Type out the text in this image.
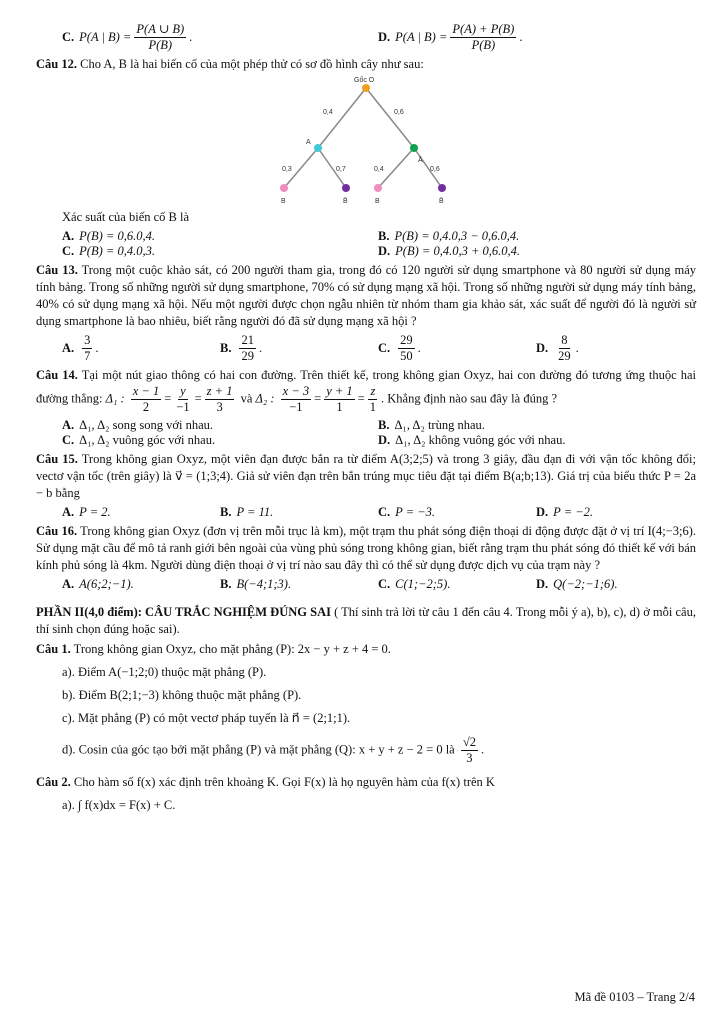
C. P(A | $B) = \frac{P(A \cup B)}{P(B)}$ .	D. P(A | $B) = \frac{P(A) + P(B)}{P(B)}$ .
Câu 12. Cho A, B là hai biến cố của một phép thử có sơ đồ hình cây như sau:
Gốc O
0,4	0,6
A
Ā
0,3	0,7	0,4	0,6
B	B̄	B	B̄
Xác suất của biến cố B là
A. P(B) = 0,6.0,4.	B. P(B) = 0,4.0,3 − 0,6.0,4.
C. P(B) = 0,4.0,3.	D. P(B) = 0,4.0,3 + 0,6.0,4.
Câu 13. Trong một cuộc khảo sát, có 200 người tham gia, trong đó có 120 người sử dụng smartphone và 80 người sử dụng máy tính bảng. Trong số những người sử dụng smartphone, 70% có sử dụng mạng xã hội. Trong số những người sử dụng máy tính bảng, 40% có sử dụng mạng xã hội. Nếu một người được chọn ngẫu nhiên từ nhóm tham gia khảo sát, xác suất để người đó là người sử dụng smartphone là bao nhiêu, biết rằng người đó đã sử dụng mạng xã hội ?
A. $\frac{3}{7}$ .	B. $\frac{21}{29}$ .	C. $\frac{29}{50}$ .	D. $\frac{8}{29}$ .
Câu 14. Tại một nút giao thông có hai con đường. Trên thiết kế, trong không gian Oxyz, hai con đường đó tương ứng thuộc hai đường thẳng: Δ₁ : $\frac{x - 1}{2} = \frac{y}{-1} = \frac{z + 1}{3}$ và Δ₂ : $\frac{x - 3}{-1} = \frac{y + 1}{1} = \frac{z}{1}$ . Khẳng định nào sau đây là đúng ?
A. Δ₁, Δ₂ song song với nhau.	B. Δ₁, Δ₂ trùng nhau.
C. Δ₁, Δ₂ vuông góc với nhau.	D. Δ₁, Δ₂ không vuông góc với nhau.
Câu 15. Trong không gian Oxyz, một viên đạn được bắn ra từ điểm A(3;2;5) và trong 3 giây, đầu đạn đi với vận tốc không đổi; vectơ vận tốc (trên giây) là v⃗ = (1;3;4). Giả sử viên đạn trên bắn trúng mục tiêu đặt tại điểm B(a;b;13). Giá trị của biểu thức P = 2a − b bằng
A. P = 2.	B. P = 11.	C. P = −3.	D. P = −2.
Câu 16. Trong không gian Oxyz (đơn vị trên mỗi trục là km), một trạm thu phát sóng điện thoại di động được đặt ở vị trí I(4;−3;6). Sử dụng mặt cầu để mô tả ranh giới bên ngoài của vùng phủ sóng trong không gian, biết rằng trạm thu phát sóng đó thiết kế với bán kính phủ sóng là 4km. Người dùng điện thoại ở vị trí nào sau đây thì có thể sử dụng được dịch vụ của trạm này ?
A. A(6;2;−1).	B. B(−4;1;3).	C. C(1;−2;5).	D. Q(−2;−1;6).
PHẦN II(4,0 điểm): CÂU TRẮC NGHIỆM ĐÚNG SAI ( Thí sinh trả lời từ câu 1 đến câu 4. Trong mỗi ý a), b), c), d) ở mỗi câu, thí sinh chọn đúng hoặc sai).
Câu 1. Trong không gian Oxyz, cho mặt phẳng (P): 2x − y + z + 4 = 0.
a). Điểm A(−1;2;0) thuộc mặt phẳng (P).
b). Điểm B(2;1;−3) không thuộc mặt phẳng (P).
c). Mặt phẳng (P) có một vectơ pháp tuyến là n⃗ = (2;1;1).
d). Cosin của góc tạo bởi mặt phẳng (P) và mặt phẳng (Q): x + y + z − 2 = 0 là $\frac{√2}{3}$ .
Câu 2. Cho hàm số f(x) xác định trên khoảng K. Gọi F(x) là họ nguyên hàm của f(x) trên K
a). ∫ f(x)dx = F(x) + C.
Mã đề 0103 – Trang 2/4
